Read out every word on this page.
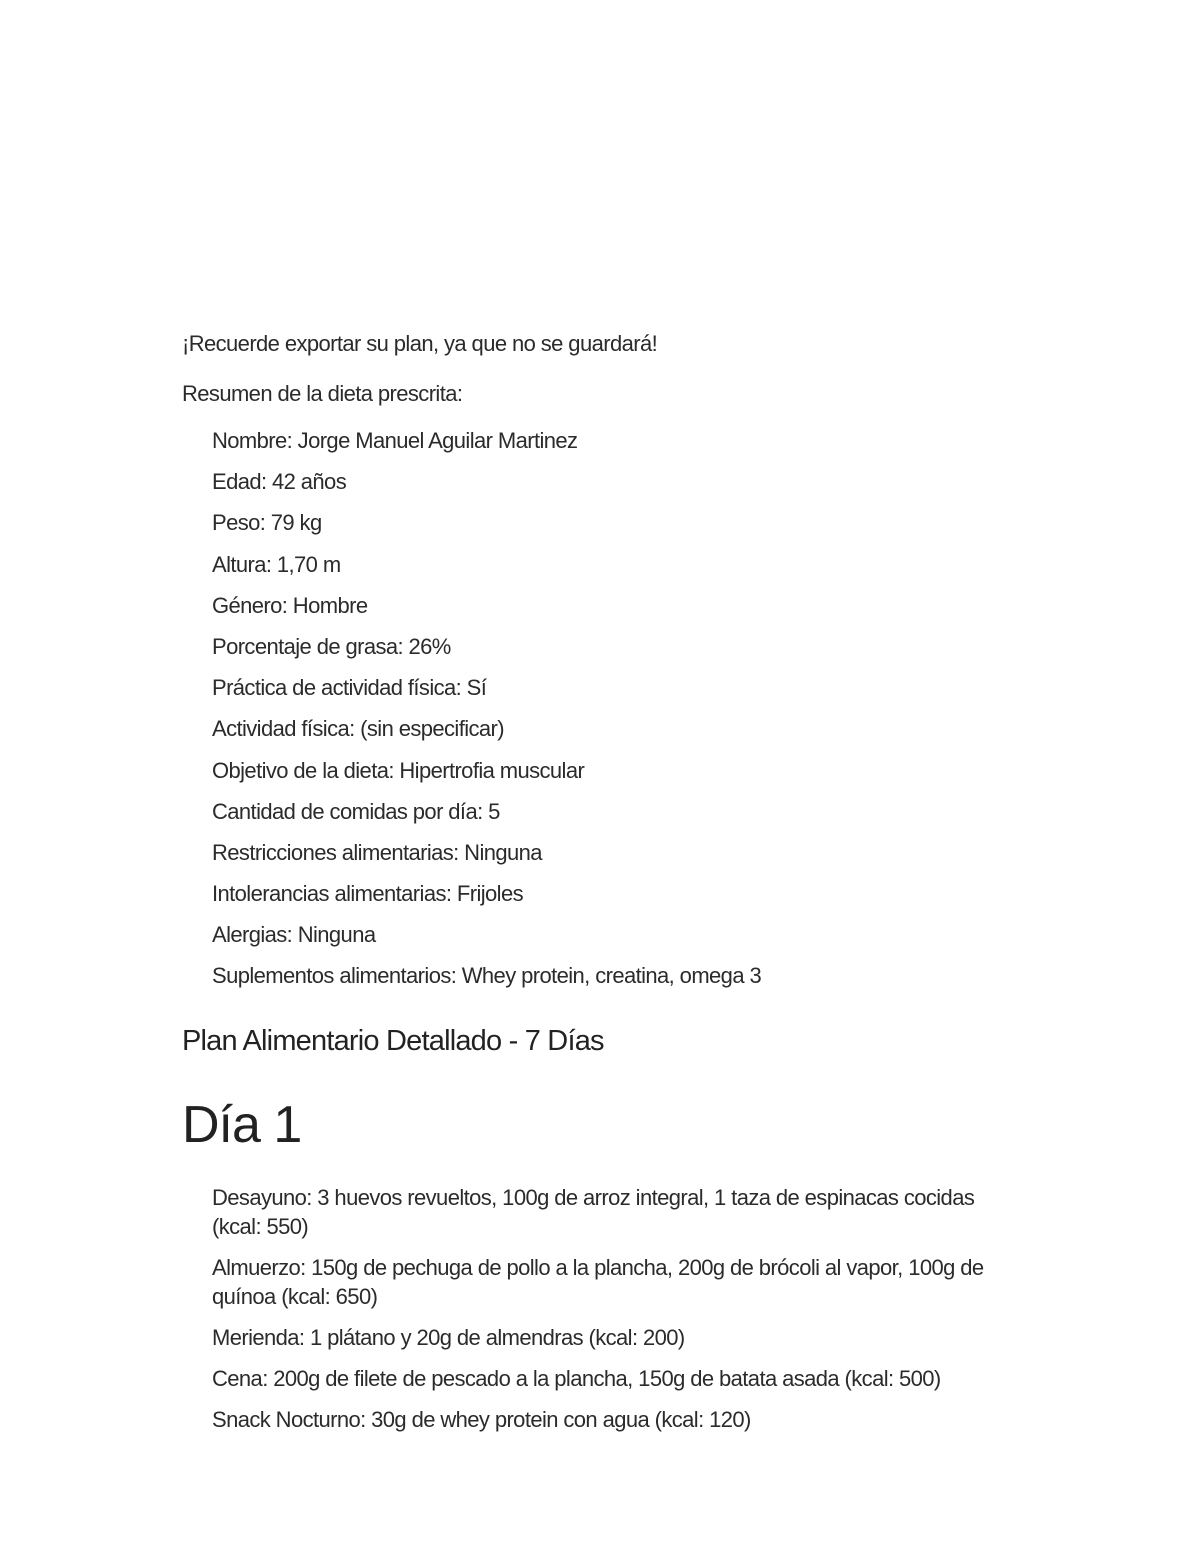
¡Recuerde exportar su plan, ya que no se guardará!

Resumen de la dieta prescrita:

Nombre: Jorge Manuel Aguilar Martinez
Edad: 42 años
Peso: 79 kg
Altura: 1,70 m
Género: Hombre
Porcentaje de grasa: 26%
Práctica de actividad física: Sí
Actividad física: (sin especificar)
Objetivo de la dieta: Hipertrofia muscular
Cantidad de comidas por día: 5
Restricciones alimentarias: Ninguna
Intolerancias alimentarias: Frijoles
Alergias: Ninguna
Suplementos alimentarios: Whey protein, creatina, omega 3
Plan Alimentario Detallado - 7 Días
Día 1
Desayuno: 3 huevos revueltos, 100g de arroz integral, 1 taza de espinacas cocidas (kcal: 550)
Almuerzo: 150g de pechuga de pollo a la plancha, 200g de brócoli al vapor, 100g de quínoa (kcal: 650)
Merienda: 1 plátano y 20g de almendras (kcal: 200)
Cena: 200g de filete de pescado a la plancha, 150g de batata asada (kcal: 500)
Snack Nocturno: 30g de whey protein con agua (kcal: 120)
